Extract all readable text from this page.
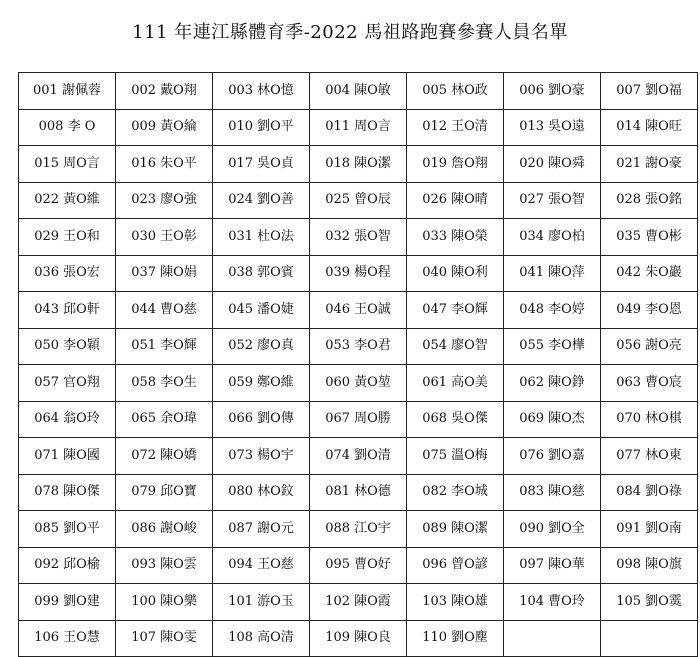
111 年連江縣體育季-2022 馬祖路跑賽參賽人員名單
001 謝佩蓉	002 戴O翔	003 林O憶	004 陳O敏	005 林O政	006 劉O豪	007 劉O福
008 李 O	009 黃O綸	010 劉O平	011 周O言	012 王O清	013 吳O遠	014 陳O旺
015 周O言	016 朱O平	017 吳O貞	018 陳O潔	019 詹O翔	020 陳O舜	021 謝O豪
022 黃O維	023 廖O強	024 劉O善	025 曾O辰	026 陳O晴	027 張O智	028 張O銘
029 王O和	030 王O彰	031 杜O法	032 張O智	033 陳O榮	034 廖O柏	035 曹O彬
036 張O宏	037 陳O娟	038 郭O賓	039 楊O程	040 陳O利	041 陳O萍	042 朱O巖
043 邱O軒	044 曹O慈	045 潘O婕	046 王O誠	047 李O輝	048 李O婷	049 李O恩
050 李O穎	051 李O輝	052 廖O真	053 李O君	054 廖O智	055 李O樺	056 謝O亮
057 官O翔	058 李O生	059 鄭O維	060 黃O堃	061 高O美	062 陳O錚	063 曹O宸
064 翁O玲	065 余O瑋	066 劉O傳	067 周O勝	068 吳O傑	069 陳O杰	070 林O棋
071 陳O國	072 陳O嬌	073 楊O宇	074 劉O清	075 溫O梅	076 劉O嘉	077 林O東
078 陳O傑	079 邱O寶	080 林O鈫	081 林O德	082 李O城	083 陳O慈	084 劉O祿
085 劉O平	086 謝O峻	087 謝O元	088 江O宇	089 陳O潔	090 劉O全	091 劉O南
092 邱O榆	093 陳O雲	094 王O慈	095 曹O好	096 曾O諺	097 陳O華	098 陳O旗
099 劉O建	100 陳O樂	101 游O玉	102 陳O霞	103 陳O雄	104 曹O玲	105 劉O霙
106 王O慧	107 陳O雯	108 高O清	109 陳O良	110 劉O塵		
